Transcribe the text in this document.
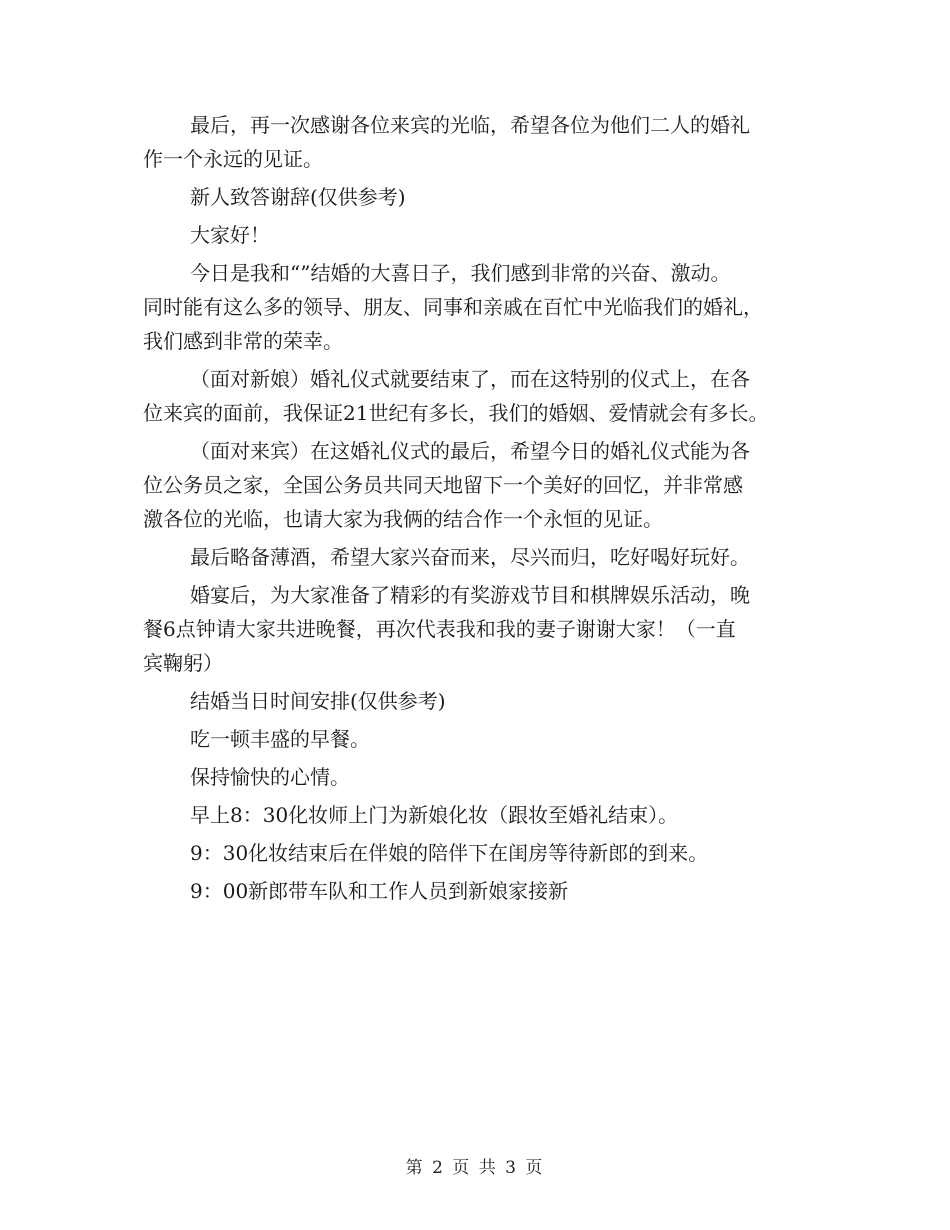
最后，再一次感谢各位来宾的光临，希望各位为他们二人的婚礼
作一个永远的见证。
新人致答谢辞(仅供参考)
大家好！
今日是我和“”结婚的大喜日子，我们感到非常的兴奋、激动。
同时能有这么多的领导、朋友、同事和亲戚在百忙中光临我们的婚礼，
我们感到非常的荣幸。
（面对新娘）婚礼仪式就要结束了，而在这特别的仪式上，在各
位来宾的面前，我保证21世纪有多长，我们的婚姻、爱情就会有多长。
（面对来宾）在这婚礼仪式的最后，希望今日的婚礼仪式能为各
位公务员之家，全国公务员共同天地留下一个美好的回忆，并非常感
激各位的光临，也请大家为我俩的结合作一个永恒的见证。
最后略备薄酒，希望大家兴奋而来，尽兴而归，吃好喝好玩好。
婚宴后，为大家准备了精彩的有奖游戏节目和棋牌娱乐活动，晚
餐6点钟请大家共进晚餐，再次代表我和我的妻子谢谢大家！（一直
宾鞠躬）
结婚当日时间安排(仅供参考)
吃一顿丰盛的早餐。
保持愉快的心情。
早上8：30化妆师上门为新娘化妆（跟妆至婚礼结束）。
9：30化妆结束后在伴娘的陪伴下在闺房等待新郎的到来。
9：00新郎带车队和工作人员到新娘家接新
第 2 页 共 3 页
